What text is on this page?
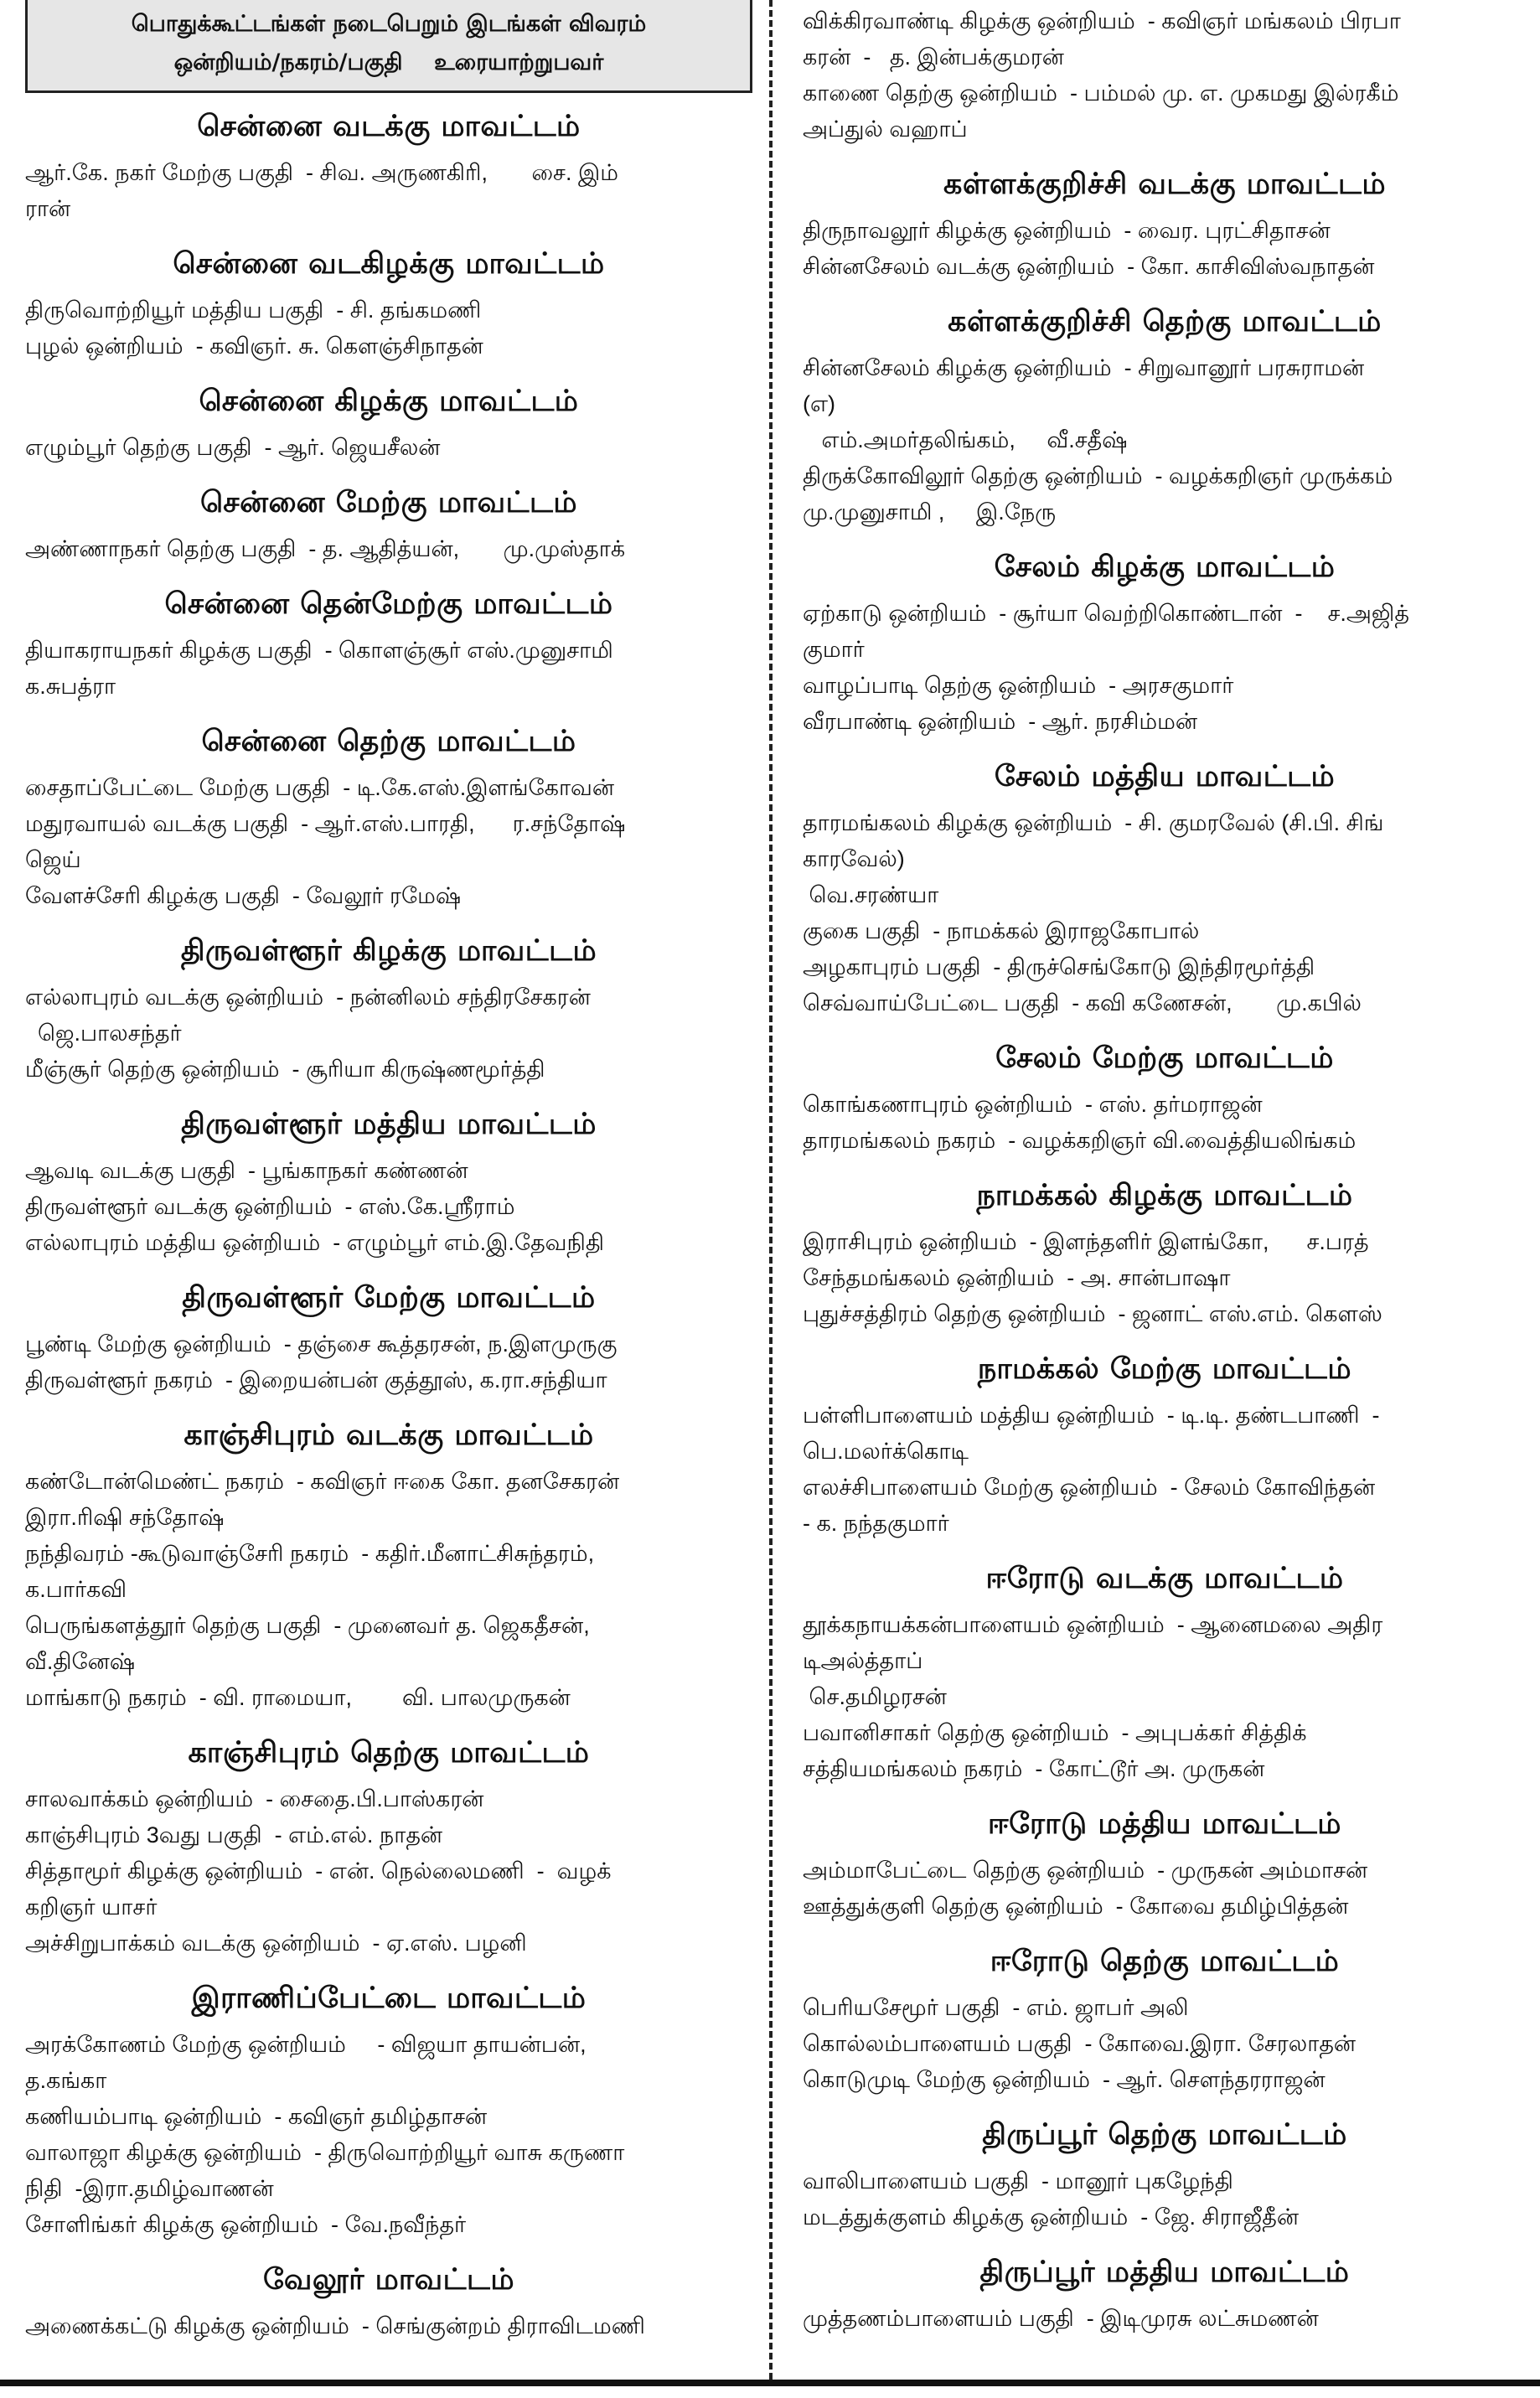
பொதுக்கூட்டங்கள் நடைபெறும் இடங்கள் விவரம்
ஒன்றியம்/நகரம்/பகுதி    உரையாற்றுபவர்
சென்னை வடக்கு மாவட்டம்
ஆர்.கே. நகர் மேற்கு பகுதி  - சிவ. அருணகிரி,       சை. இம்
ரான்
சென்னை வடகிழக்கு மாவட்டம்
திருவொற்றியூர் மத்திய பகுதி  - சி. தங்கமணி
புழல் ஒன்றியம்  - கவிஞர். சு. கௌஞ்சிநாதன்
சென்னை கிழக்கு மாவட்டம்
எழும்பூர் தெற்கு பகுதி  - ஆர். ஜெயசீலன்
சென்னை மேற்கு மாவட்டம்
அண்ணாநகர் தெற்கு பகுதி  - த. ஆதித்யன்,       மு.முஸ்தாக்
சென்னை தென்மேற்கு மாவட்டம்
தியாகராயநகர் கிழக்கு பகுதி  - கொளஞ்சூர் எஸ்.முனுசாமி
க.சுபத்ரா
சென்னை தெற்கு மாவட்டம்
சைதாப்பேட்டை மேற்கு பகுதி  - டி.கே.எஸ்.இளங்கோவன்
மதுரவாயல் வடக்கு பகுதி  - ஆர்.எஸ்.பாரதி,      ர.சந்தோஷ்
ஜெய்
வேளச்சேரி கிழக்கு பகுதி  - வேலூர் ரமேஷ்
திருவள்ளூர் கிழக்கு மாவட்டம்
எல்லாபுரம் வடக்கு ஒன்றியம்  - நன்னிலம் சந்திரசேகரன்
ஜெ.பாலசந்தர்
மீஞ்சூர் தெற்கு ஒன்றியம்  - சூரியா கிருஷ்ணமூர்த்தி
திருவள்ளூர் மத்திய மாவட்டம்
ஆவடி வடக்கு பகுதி  - பூங்காநகர் கண்ணன்
திருவள்ளூர் வடக்கு ஒன்றியம்  - எஸ்.கே.ஸ்ரீராம்
எல்லாபுரம் மத்திய ஒன்றியம்  - எழும்பூர் எம்.இ.தேவநிதி
திருவள்ளூர் மேற்கு மாவட்டம்
பூண்டி மேற்கு ஒன்றியம்  - தஞ்சை கூத்தரசன், ந.இளமுருகு
திருவள்ளூர் நகரம்  - இறையன்பன் குத்தூஸ், க.ரா.சந்தியா
காஞ்சிபுரம் வடக்கு மாவட்டம்
கண்டோன்மெண்ட் நகரம்  - கவிஞர் ஈகை கோ. தனசேகரன்
இரா.ரிஷி சந்தோஷ்
நந்திவரம் -கூடுவாஞ்சேரி நகரம்  - கதிர்.மீனாட்சிசுந்தரம்,
க.பார்கவி
பெருங்களத்தூர் தெற்கு பகுதி  - முனைவர் த. ஜெகதீசன்,
வீ.தினேஷ்
மாங்காடு நகரம்  - வி. ராமையா,        வி. பாலமுருகன்
காஞ்சிபுரம் தெற்கு மாவட்டம்
சாலவாக்கம் ஒன்றியம்  - சைதை.பி.பாஸ்கரன்
காஞ்சிபுரம் 3வது பகுதி  - எம்.எல். நாதன்
சித்தாமூர் கிழக்கு ஒன்றியம்  - என். நெல்லைமணி  -  வழக்
கறிஞர் யாசர்
அச்சிறுபாக்கம் வடக்கு ஒன்றியம்  - ஏ.எஸ். பழனி
இராணிப்பேட்டை மாவட்டம்
அரக்கோணம் மேற்கு ஒன்றியம்     - விஜயா தாயன்பன்,
த.கங்கா
கணியம்பாடி ஒன்றியம்  - கவிஞர் தமிழ்தாசன்
வாலாஜா கிழக்கு ஒன்றியம்  - திருவொற்றியூர் வாசு கருணா
நிதி  -இரா.தமிழ்வாணன்
சோளிங்கர் கிழக்கு ஒன்றியம்  - வே.நவீந்தர்
வேலூர் மாவட்டம்
அணைக்கட்டு கிழக்கு ஒன்றியம்  - செங்குன்றம் திராவிடமணி
விக்கிரவாண்டி கிழக்கு ஒன்றியம்  - கவிஞர் மங்கலம் பிரபா
கரன்  -   த. இன்பக்குமரன்
காணை தெற்கு ஒன்றியம்  - பம்மல் மு. எ. முகமது இல்ரகீம்
அப்துல் வஹாப்
கள்ளக்குறிச்சி வடக்கு மாவட்டம்
திருநாவலூர் கிழக்கு ஒன்றியம்  - வைர. புரட்சிதாசன்
சின்னசேலம் வடக்கு ஒன்றியம்  - கோ. காசிவிஸ்வநாதன்
கள்ளக்குறிச்சி தெற்கு மாவட்டம்
சின்னசேலம் கிழக்கு ஒன்றியம்  - சிறுவானூர் பரசுராமன்
(எ)
எம்.அமர்தலிங்கம்,     வீ.சதீஷ்
திருக்கோவிலூர் தெற்கு ஒன்றியம்  - வழக்கறிஞர் முருக்கம்
மு.முனுசாமி ,     இ.நேரு
சேலம் கிழக்கு மாவட்டம்
ஏற்காடு ஒன்றியம்  - சூர்யா வெற்றிகொண்டான்  -    ச.அஜித்
குமார்
வாழப்பாடி தெற்கு ஒன்றியம்  - அரசகுமார்
வீரபாண்டி ஒன்றியம்  - ஆர். நரசிம்மன்
சேலம் மத்திய மாவட்டம்
தாரமங்கலம் கிழக்கு ஒன்றியம்  - சி. குமரவேல் (சி.பி. சிங்
காரவேல்)
வெ.சரண்யா
குகை பகுதி  - நாமக்கல் இராஜகோபால்
அழகாபுரம் பகுதி  - திருச்செங்கோடு இந்திரமூர்த்தி
செவ்வாய்பேட்டை பகுதி  - கவி கணேசன்,       மு.கபில்
சேலம் மேற்கு மாவட்டம்
கொங்கணாபுரம் ஒன்றியம்  - எஸ். தர்மராஜன்
தாரமங்கலம் நகரம்  - வழக்கறிஞர் வி.வைத்தியலிங்கம்
நாமக்கல் கிழக்கு மாவட்டம்
இராசிபுரம் ஒன்றியம்  - இளந்தளிர் இளங்கோ,      ச.பரத்
சேந்தமங்கலம் ஒன்றியம்  - அ. சான்பாஷா
புதுச்சத்திரம் தெற்கு ஒன்றியம்  - ஜனாட் எஸ்.எம். கௌஸ்
நாமக்கல் மேற்கு மாவட்டம்
பள்ளிபாளையம் மத்திய ஒன்றியம்  - டி.டி. தண்டபாணி  -
பெ.மலர்க்கொடி
எலச்சிபாளையம் மேற்கு ஒன்றியம்  - சேலம் கோவிந்தன்
- க. நந்தகுமார்
ஈரோடு வடக்கு மாவட்டம்
தூக்கநாயக்கன்பாளையம் ஒன்றியம்  - ஆனைமலை அதிர
டிஅல்த்தாப்
செ.தமிழரசன்
பவானிசாகர் தெற்கு ஒன்றியம்  - அபுபக்கர் சித்திக்
சத்தியமங்கலம் நகரம்  - கோட்டூர் அ. முருகன்
ஈரோடு மத்திய மாவட்டம்
அம்மாபேட்டை தெற்கு ஒன்றியம்  - முருகன் அம்மாசன்
ஊத்துக்குளி தெற்கு ஒன்றியம்  - கோவை தமிழ்பித்தன்
ஈரோடு தெற்கு மாவட்டம்
பெரியசேமூர் பகுதி  - எம். ஜாபர் அலி
கொல்லம்பாளையம் பகுதி  - கோவை.இரா. சேரலாதன்
கொடுமுடி மேற்கு ஒன்றியம்  - ஆர். சௌந்தரராஜன்
திருப்பூர் தெற்கு மாவட்டம்
வாலிபாளையம் பகுதி  - மானூர் புகழேந்தி
மடத்துக்குளம் கிழக்கு ஒன்றியம்  - ஜே. சிராஜீதீன்
திருப்பூர் மத்திய மாவட்டம்
முத்தணம்பாளையம் பகுதி  - இடிமுரசு லட்சுமணன்
